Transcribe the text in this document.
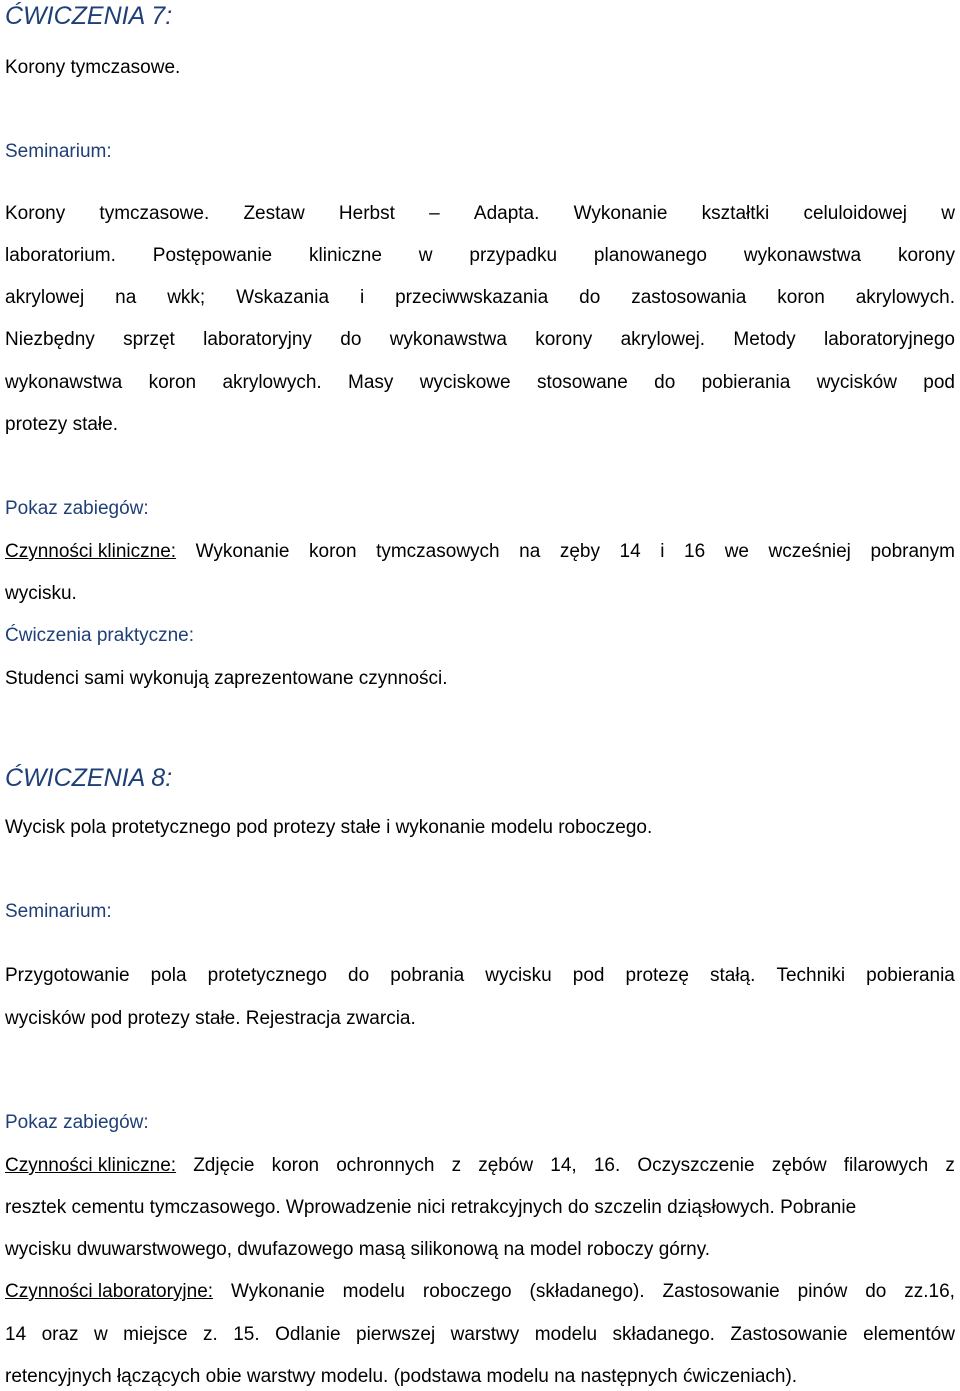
ĆWICZENIA 7:

Korony tymczasowe.

Seminarium:

Korony tymczasowe. Zestaw Herbst – Adapta. Wykonanie kształtki celuloidowej w
laboratorium. Postępowanie kliniczne w przypadku planowanego wykonawstwa korony
akrylowej na wkk; Wskazania i przeciwwskazania do zastosowania koron akrylowych.
Niezbędny sprzęt laboratoryjny do wykonawstwa korony akrylowej. Metody laboratoryjnego
wykonawstwa koron akrylowych. Masy wyciskowe stosowane do pobierania wycisków pod

protezy stałe.

Pokaz zabiegów:

Czynności kliniczne: Wykonanie koron tymczasowych na zęby 14 i 16 we wcześniej pobranym

wycisku.

Ćwiczenia praktyczne:

Studenci sami wykonują zaprezentowane czynności.

ĆWICZENIA 8:

Wycisk pola protetycznego pod protezy stałe i wykonanie modelu roboczego.

Seminarium:

Przygotowanie pola protetycznego do pobrania wycisku pod protezę stałą. Techniki pobierania

wycisków pod protezy stałe. Rejestracja zwarcia.

Pokaz zabiegów:

Czynności kliniczne: Zdjęcie koron ochronnych z zębów 14, 16. Oczyszczenie zębów filarowych z

resztek cementu tymczasowego. Wprowadzenie nici retrakcyjnych do szczelin dziąsłowych. Pobranie

wycisku dwuwarstwowego, dwufazowego masą silikonową na model roboczy górny.

Czynności laboratoryjne: Wykonanie modelu roboczego (składanego). Zastosowanie pinów do zz.16,
14 oraz w miejsce z. 15. Odlanie pierwszej warstwy modelu składanego. Zastosowanie elementów

retencyjnych łączących obie warstwy modelu. (podstawa modelu na następnych ćwiczeniach).
